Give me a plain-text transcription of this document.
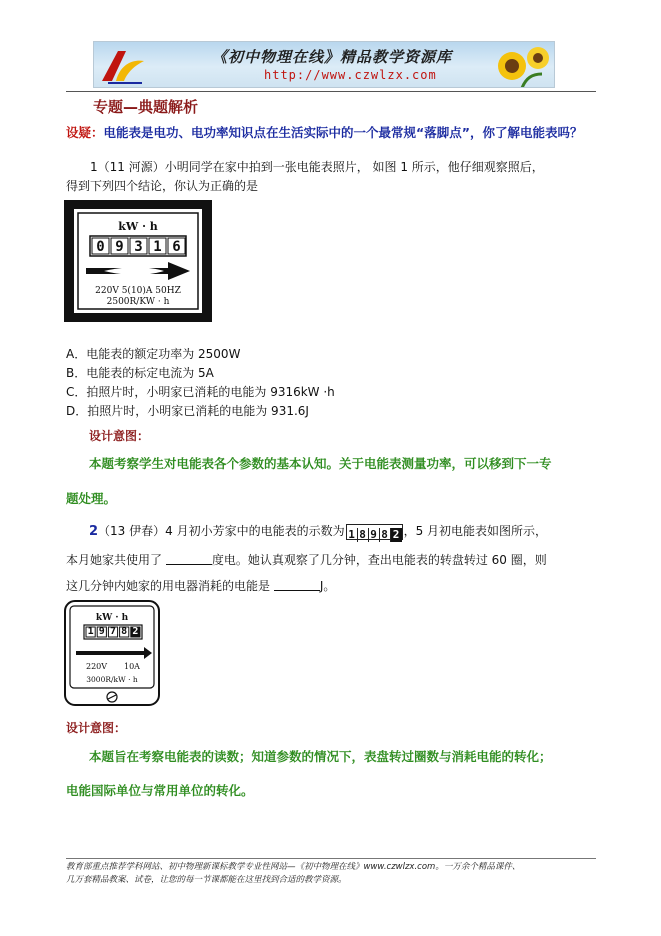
《初中物理在线》精品教学资源库
http://www.czwlzx.com
专题—典题解析
设疑：电能表是电功、电功率知识点在生活实际中的一个最常规“落脚点”，你了解电能表吗？
1（11 河源）小明同学在家中拍到一张电能表照片， 如图 1 所示，他仔细观察照后，
得到下列四个结论，你认为正确的是
kW · h
0 9 3 1 6
220V 5(10)A 50HZ
2500R/KW · h
A．电能表的额定功率为 2500W
B．电能表的标定电流为 5A
C．拍照片时，小明家已消耗的电能为 9316kW ·h
D．拍照片时，小明家已消耗的电能为 931.6J
设计意图：
本题考察学生对电能表各个参数的基本认知。关于电能表测量功率，可以移到下一专
题处理。
2（13 伊春）4 月初小芳家中的电能表的示数为 1 8 9 8 2 ，5 月初电能表如图所示，
本月她家共使用了	度电。她认真观察了几分钟，查出电能表的转盘转过 60 圈，则
这几分钟内她家的用电器消耗的电能是	J。
kW · h
1 9 7 8 2
220V 10A
3000R/kW · h
设计意图：
本题旨在考察电能表的读数；知道参数的情况下，表盘转过圈数与消耗电能的转化；
电能国际单位与常用单位的转化。
教育部重点推荐学科网站、初中物理新课标教学专业性网站—《初中物理在线》www.czwlzx.com。一万余个精品课件、
几万套精品教案、试卷，让您的每一节课都能在这里找到合适的教学资源。
